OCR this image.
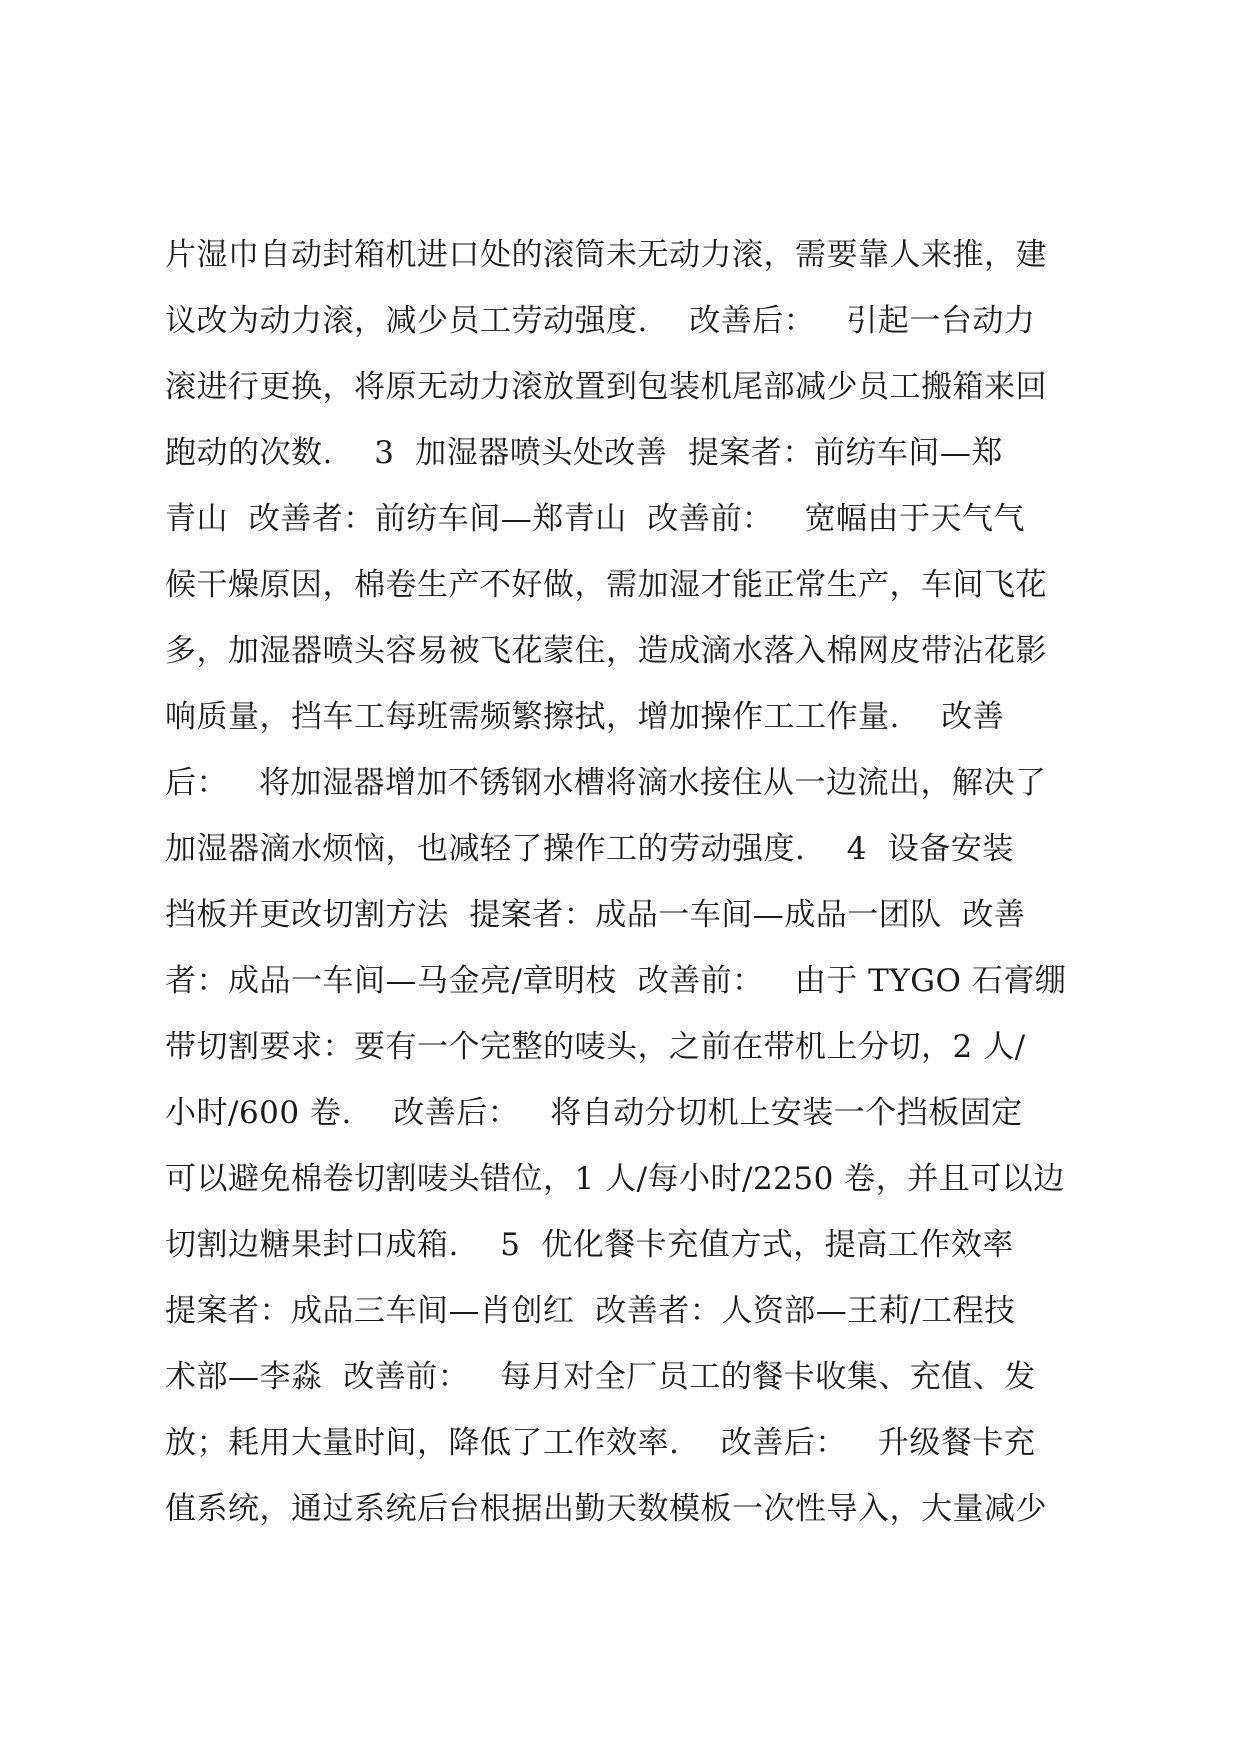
片湿巾自动封箱机进口处的滚筒未无动力滚，需要靠人来推，建
议改为动力滚，减少员工劳动强度.    改善后：   引起一台动力
滚进行更换，将原无动力滚放置到包装机尾部减少员工搬箱来回
跑动的次数.    3  加湿器喷头处改善  提案者：前纺车间—郑
青山  改善者：前纺车间—郑青山  改善前：   宽幅由于天气气
候干燥原因，棉卷生产不好做，需加湿才能正常生产，车间飞花
多，加湿器喷头容易被飞花蒙住，造成滴水落入棉网皮带沾花影
响质量，挡车工每班需频繁擦拭，增加操作工工作量.    改善
后：   将加湿器增加不锈钢水槽将滴水接住从一边流出，解决了
加湿器滴水烦恼，也减轻了操作工的劳动强度.    4  设备安装
挡板并更改切割方法  提案者：成品一车间—成品一团队  改善
者：成品一车间—马金亮/章明枝  改善前：   由于 TYGO 石膏绷
带切割要求：要有一个完整的唛头，之前在带机上分切，2 人/
小时/600 卷.    改善后：   将自动分切机上安装一个挡板固定
可以避免棉卷切割唛头错位，1 人/每小时/2250 卷，并且可以边
切割边糖果封口成箱.    5  优化餐卡充值方式，提高工作效率
提案者：成品三车间—肖创红  改善者：人资部—王莉/工程技
术部—李淼  改善前：   每月对全厂员工的餐卡收集、充值、发
放；耗用大量时间，降低了工作效率.    改善后：   升级餐卡充
值系统，通过系统后台根据出勤天数模板一次性导入，大量减少
